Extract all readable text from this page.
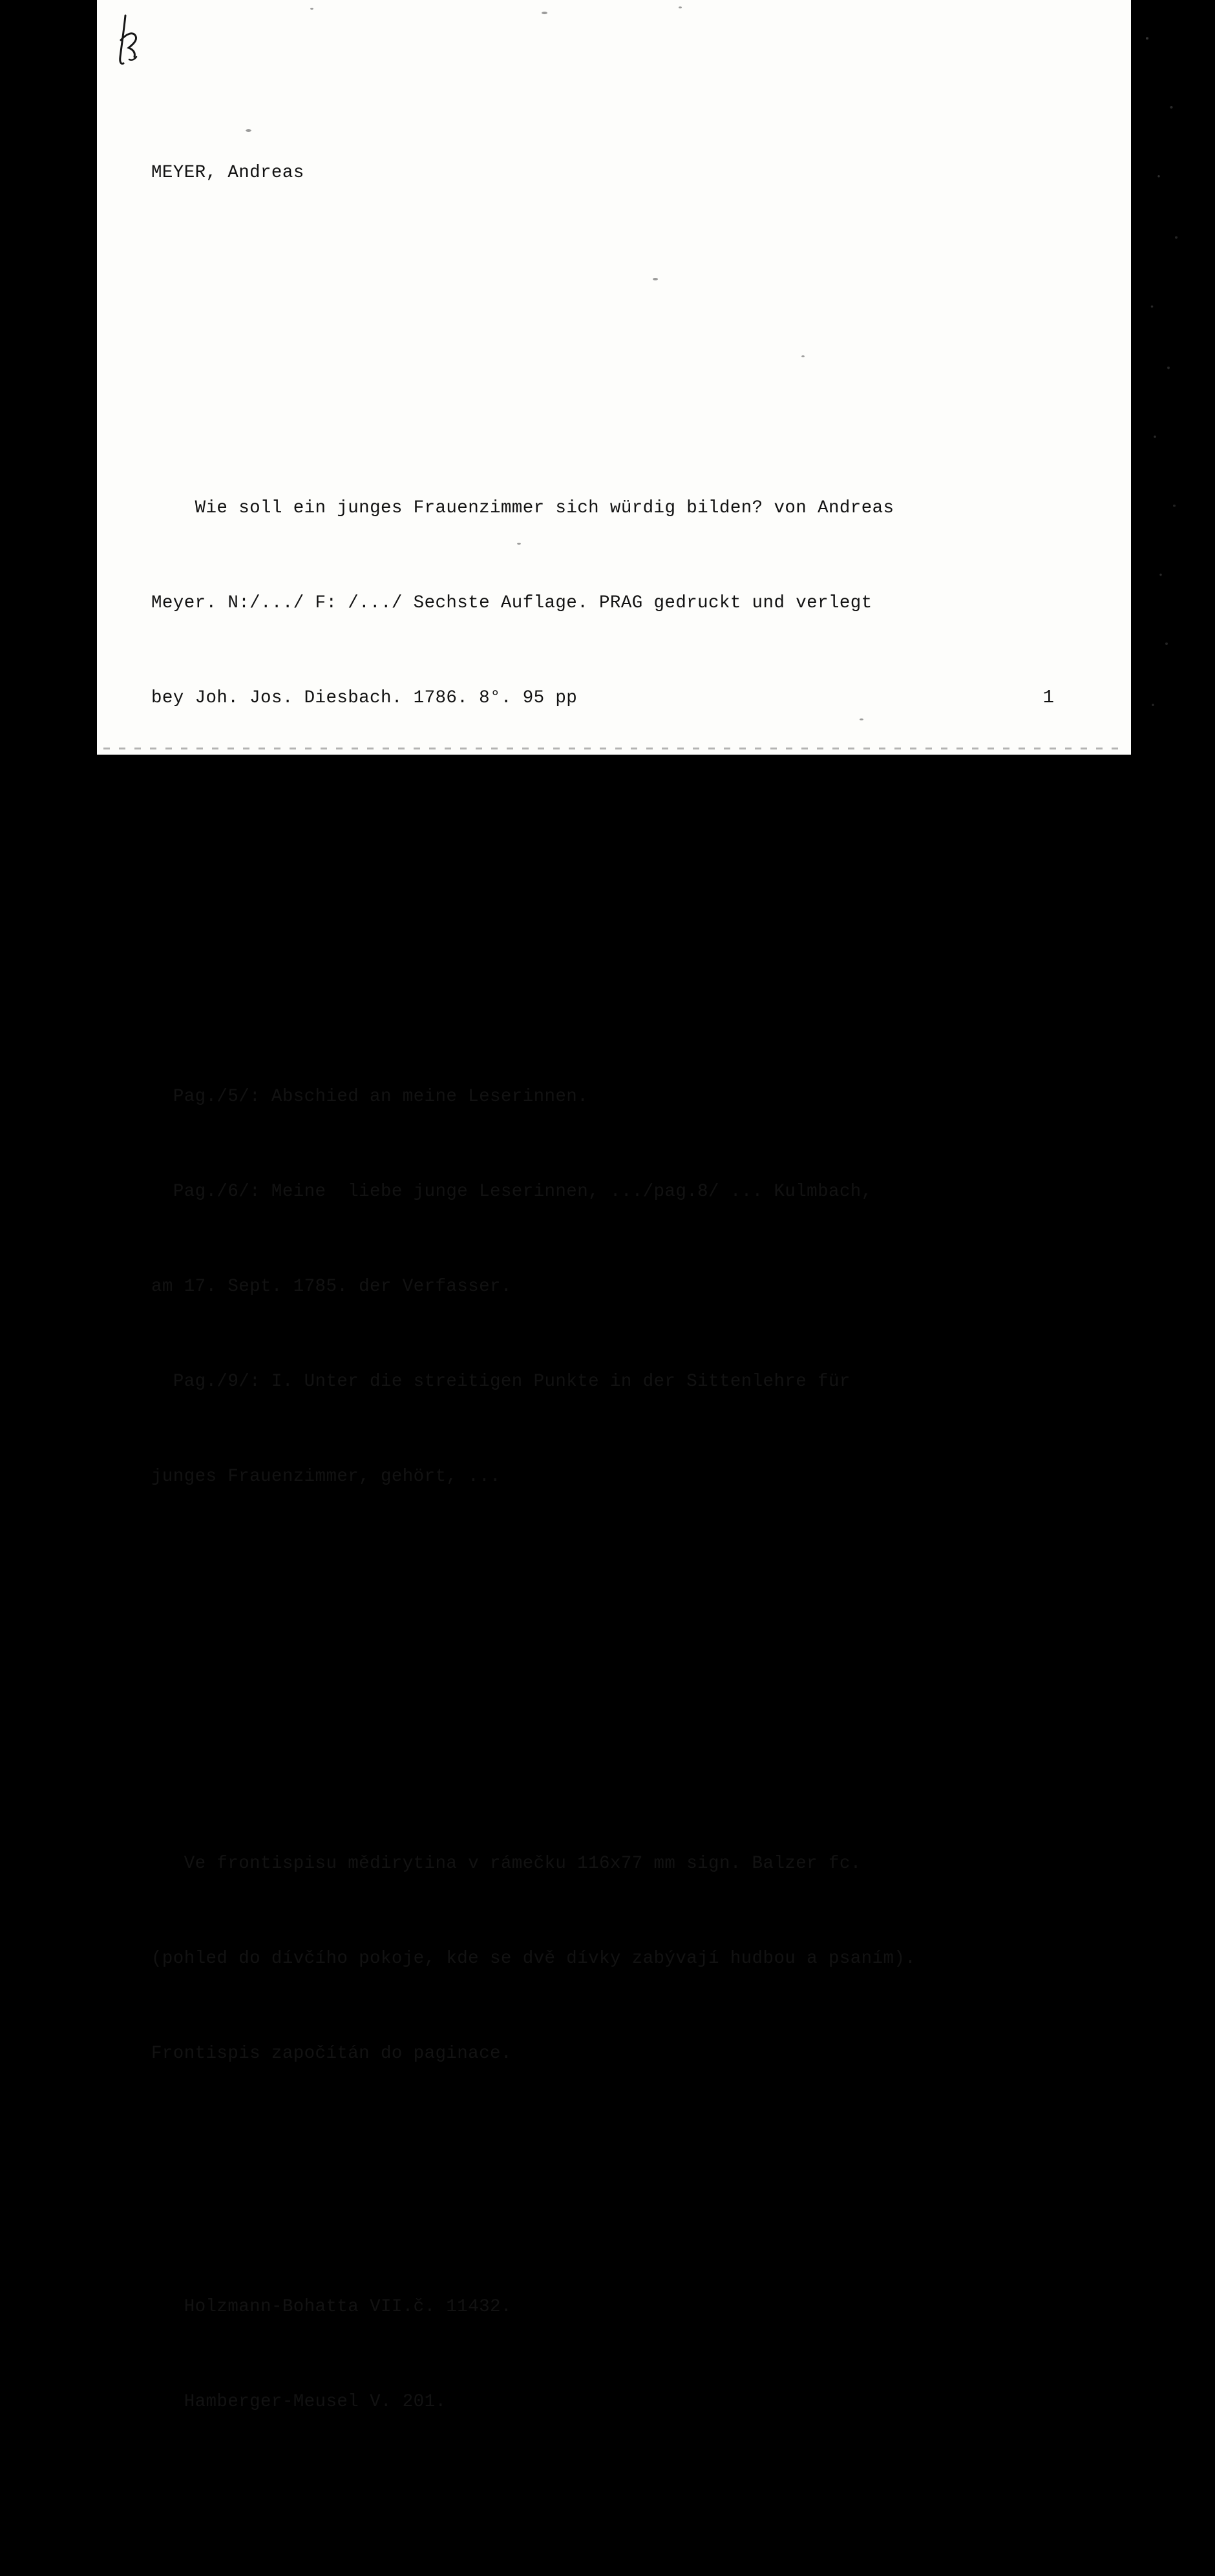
MEYER, Andreas

Wie soll ein junges Frauenzimmer sich würdig bilden? von Andreas

Meyer. N:/.../ F: /.../ Sechste Auflage. PRAG gedruckt und verlegt

bey Joh. Jos. Diesbach. 1786. 8°. 95 pp

Pag./5/: Abschied an meine Leserinnen.

Pag./6/: Meine  liebe junge Leserinnen, .../pag.8/ ... Kulmbach,

am 17. Sept. 1785. der Verfasser.

Pag./9/: I. Unter die streitigen Punkte in der Sittenlehre für

junges Frauenzimmer, gehört, ...

Ve frontispisu mědirytina v rámečku 116x77 mm sign. Balzer fc.

(pohled do dívčího pokoje, kde se dvě dívky zabývají hudbou a psaním).

Frontispis započítán do paginace.

Holzmann-Bohatta VII.č. 11432.

Hamberger-Meusel V. 201.

1
